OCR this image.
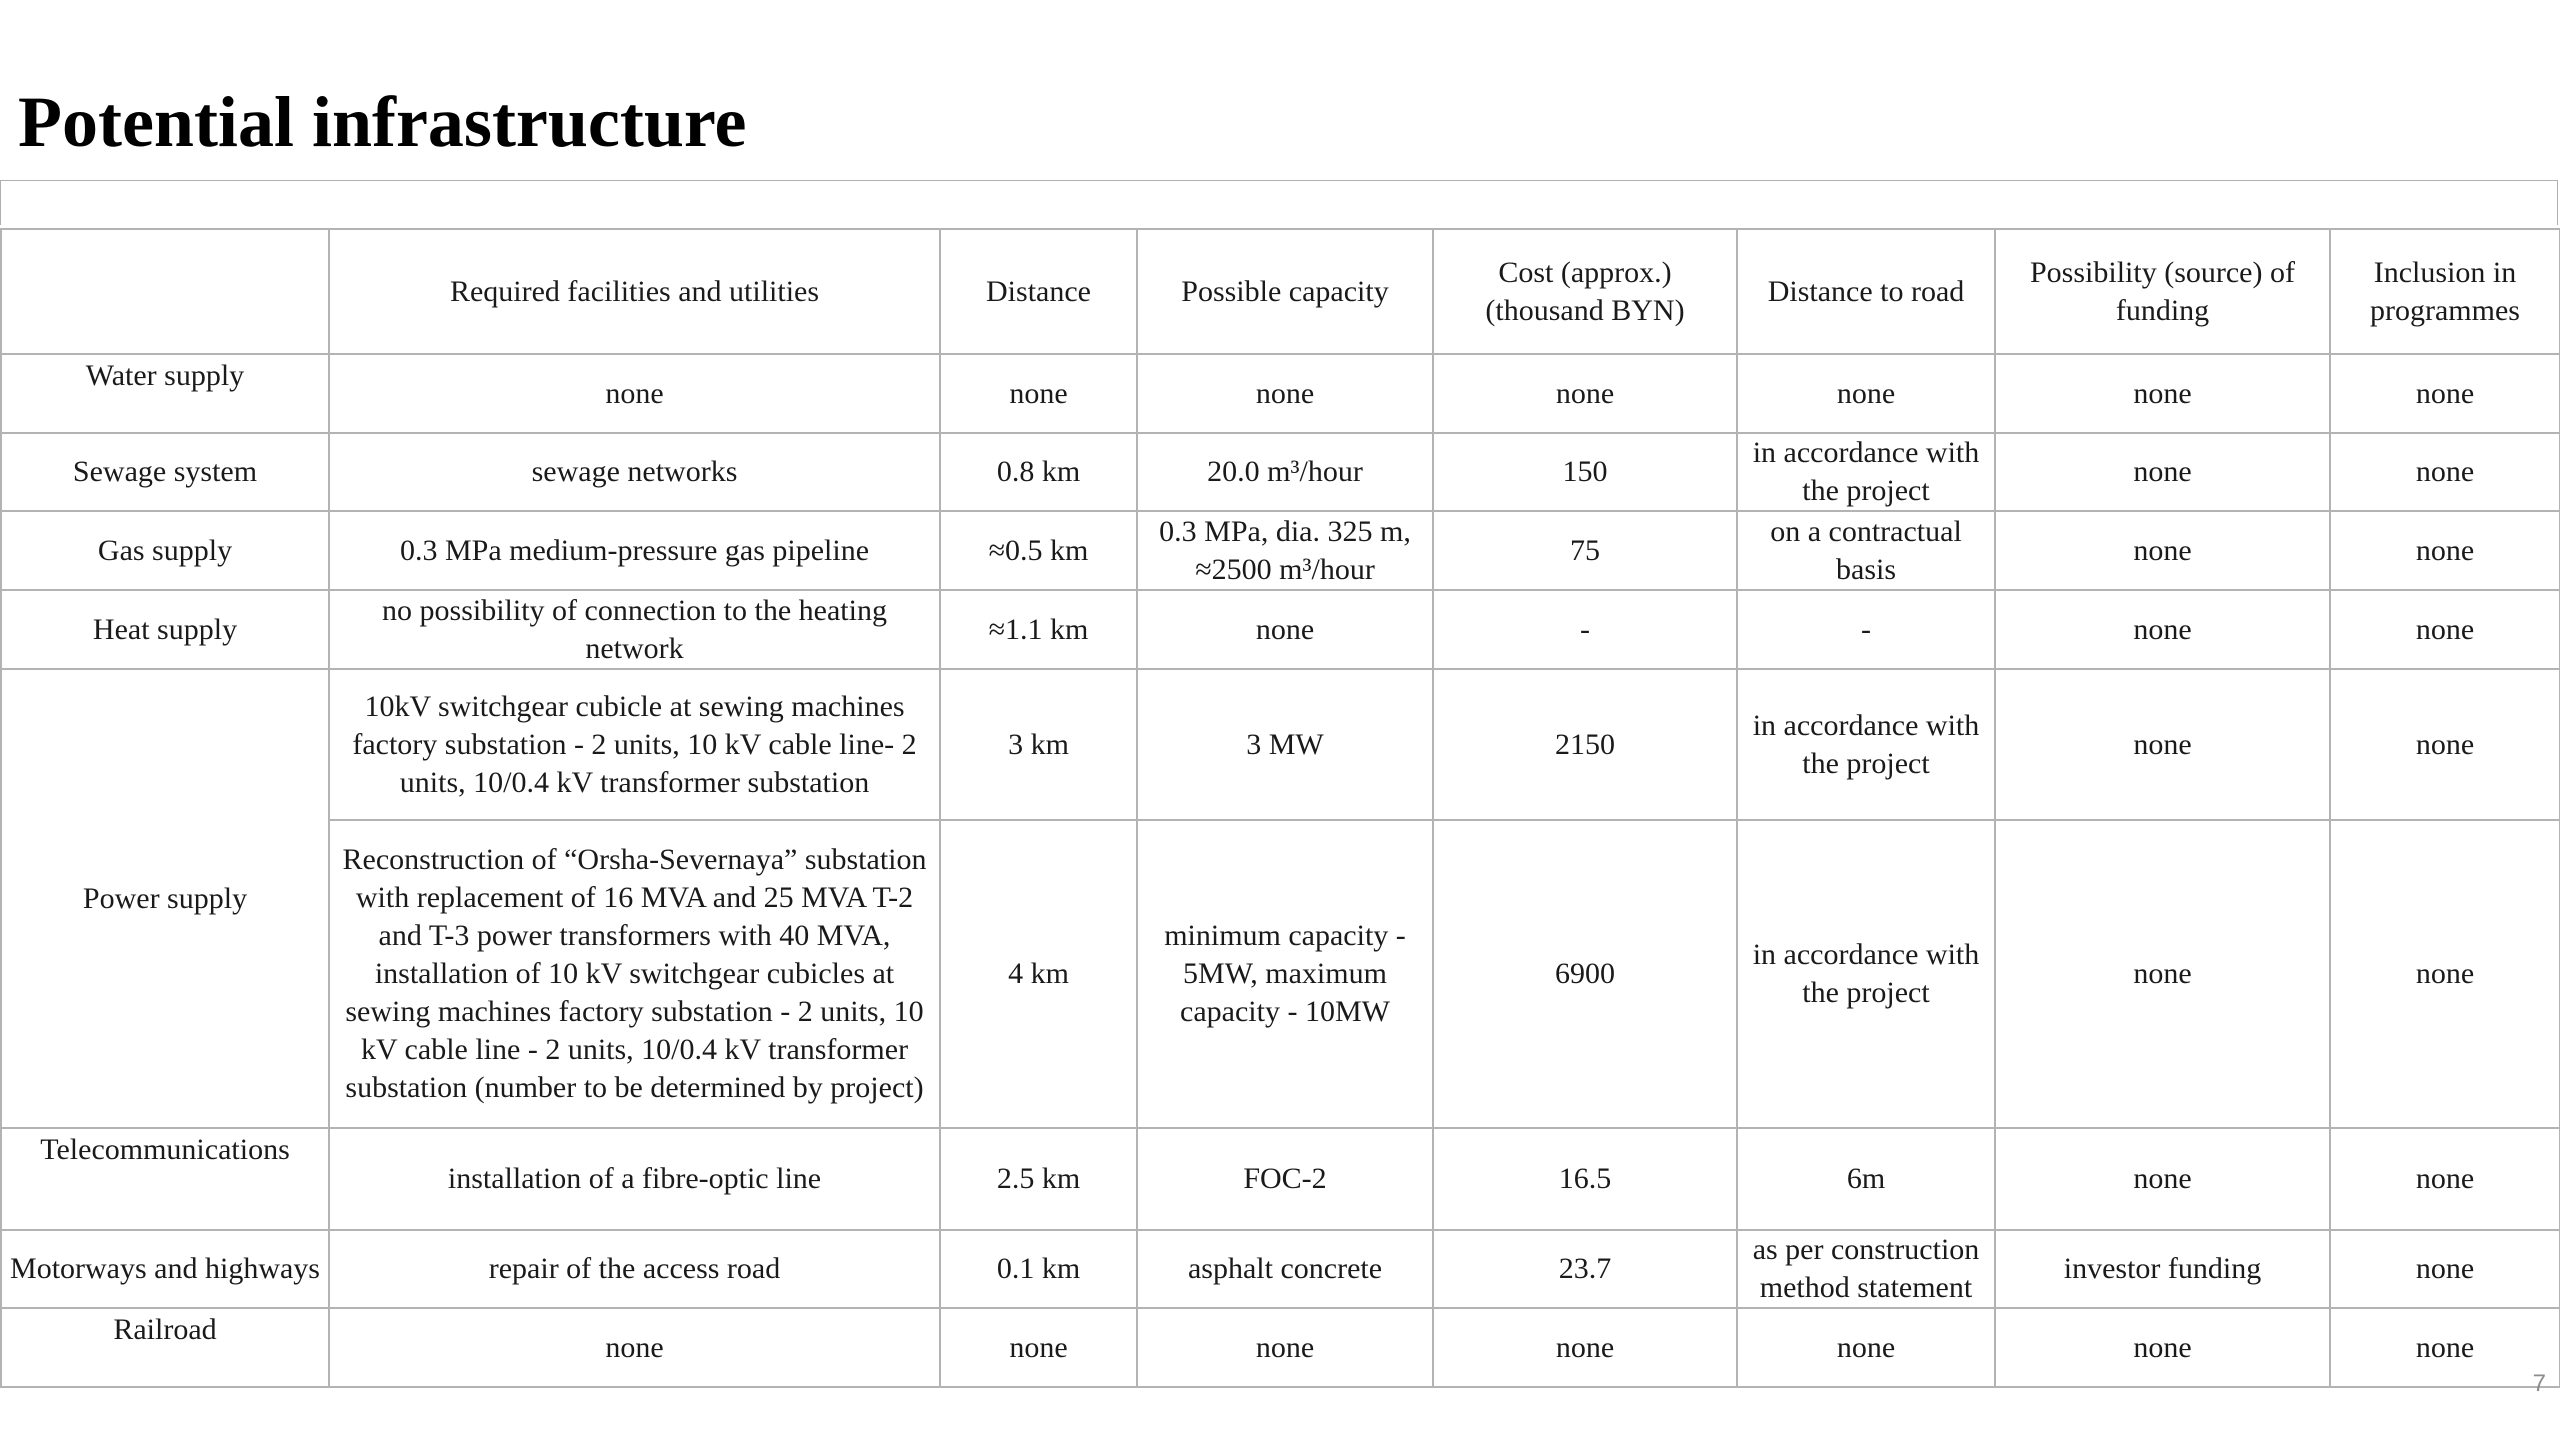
Potential infrastructure
	Required facilities and utilities	Distance	Possible capacity	Cost (approx.) (thousand BYN)	Distance to road	Possibility (source) of funding	Inclusion in programmes
Water supply	none	none	none	none	none	none	none
Sewage system	sewage networks	0.8 km	20.0 m³/hour	150	in accordance with the project	none	none
Gas supply	0.3 MPa medium-pressure gas pipeline	≈0.5 km	0.3 MPa, dia. 325 m, ≈2500 m³/hour	75	on a contractual basis	none	none
Heat supply	no possibility of connection to the heating network	≈1.1 km	none	-	-	none	none
Power supply	10kV switchgear cubicle at sewing machines factory substation - 2 units, 10 kV cable line- 2 units, 10/0.4 kV transformer substation	3 km	3 MW	2150	in accordance with the project	none	none
	Reconstruction of “Orsha-Severnaya” substation with replacement of 16 MVA and 25 MVA T-2 and T-3 power transformers with 40 MVA, installation of 10 kV switchgear cubicles at sewing machines factory substation - 2 units, 10 kV cable line - 2 units, 10/0.4 kV transformer substation (number to be determined by project)	4 km	minimum capacity - 5MW, maximum capacity - 10MW	6900	in accordance with the project	none	none
Telecommunications	installation of a fibre-optic line	2.5 km	FOC-2	16.5	6m	none	none
Motorways and highways	repair of the access road	0.1 km	asphalt concrete	23.7	as per construction method statement	investor funding	none
Railroad	none	none	none	none	none	none	none
7
